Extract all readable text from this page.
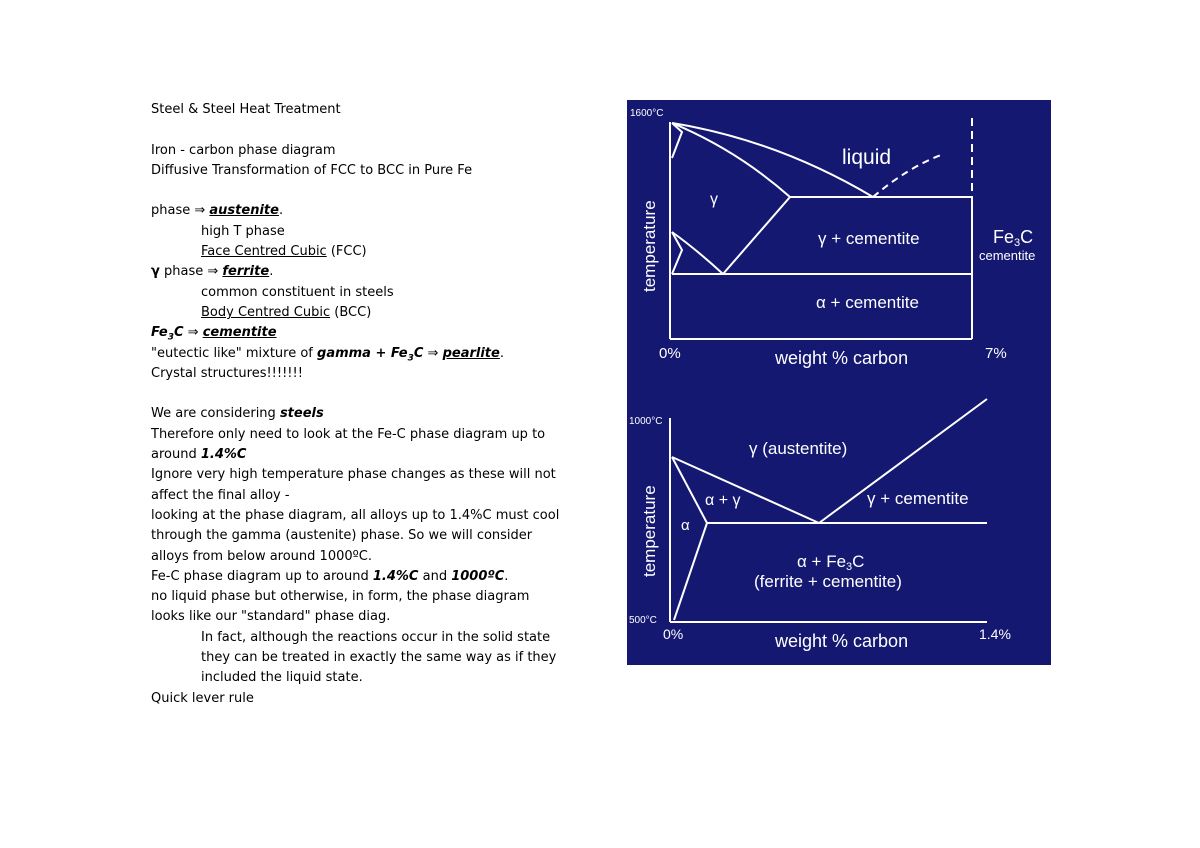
Steel & Steel Heat Treatment
Iron - carbon phase diagram
Diffusive Transformation of FCC to BCC in Pure Fe
phase ⇒ austenite.
high T phase
Face Centred Cubic (FCC)
γ phase ⇒ ferrite.
common constituent in steels
Body Centred Cubic (BCC)
$Fe_3C$ ⇒ cementite
"eutectic like" mixture of gamma + $Fe_3C$ ⇒ pearlite.
Crystal structures!!!!!!!
We are considering steels
Therefore only need to look at the Fe-C phase diagram up to
around 1.4%C
Ignore very high temperature phase changes as these will not
affect the final alloy -
looking at the phase diagram, all alloys up to 1.4%C must cool
through the gamma (austenite) phase. So we will consider
alloys from below around 1000ºC.
Fe-C phase diagram up to around 1.4%C and 1000ºC.
no liquid phase but otherwise, in form, the phase diagram
looks like our "standard" phase diag.
In fact, although the reactions occur in the solid state
they can be treated in exactly the same way as if they
included the liquid state.
Quick lever rule
1600°C
temperature
0%	weight % carbon	7%
liquid
γ
γ + cementite
α + cementite
Fe3C
cementite
1000°C
500°C
temperature
0%	weight % carbon	1.4%
γ (austentite)
α + γ	γ + cementite
α
α + Fe3C
(ferrite + cementite)
